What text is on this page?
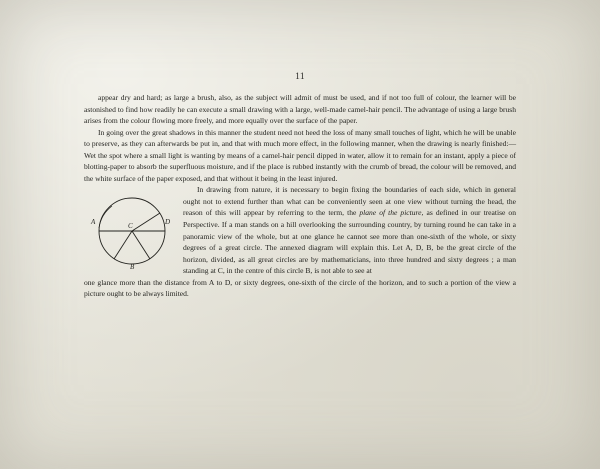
11

appear dry and hard; as large a brush, also, as the subject will admit of must be used, and if not too full of colour, the learner will be astonished to find how readily he can execute a small drawing with a large, well-made camel-hair pencil. The advantage of using a large brush arises from the colour flowing more freely, and more equally over the surface of the paper.

In going over the great shadows in this manner the student need not heed the loss of many small touches of light, which he will be unable to preserve, as they can afterwards be put in, and that with much more effect, in the following manner, when the drawing is nearly finished:—Wet the spot where a small light is wanting by means of a camel-hair pencil dipped in water, allow it to remain for an instant, apply a piece of blotting-paper to absorb the superfluous moisture, and if the place is rubbed instantly with the crumb of bread, the colour will be removed, and the white surface of the paper exposed, and that without it being in the least injured.

A	D
C
B
In drawing from nature, it is necessary to begin fixing the boundaries of each side, which in general ought not to extend further than what can be conveniently seen at one view without turning the head, the reason of this will appear by referring to the term, the plane of the picture, as defined in our treatise on Perspective. If a man stands on a hill overlooking the surrounding country, by turning round he can take in a panoramic view of the whole, but at one glance he cannot see more than one-sixth of the whole, or sixty degrees of a great circle. The annexed diagram will explain this. Let A, D, B, be the great circle of the horizon, divided, as all great circles are by mathematicians, into three hundred and sixty degrees ; a man standing at C, in the centre of this circle B, is not able to see at

one glance more than the distance from A to D, or sixty degrees, one-sixth of the circle of the horizon, and to such a portion of the view a picture ought to be always limited.
